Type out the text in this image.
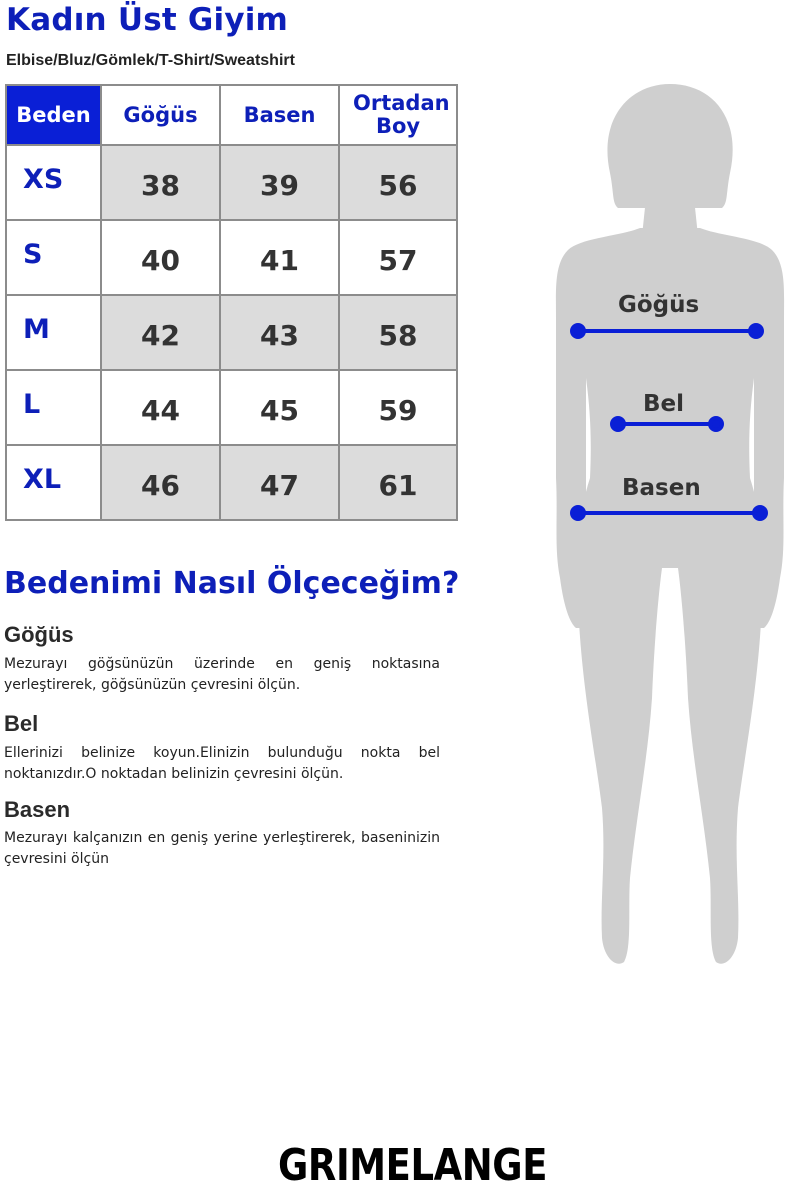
Kadın Üst Giyim
Elbise/Bluz/Gömlek/T-Shirt/Sweatshirt
Beden	Göğüs	Basen	Ortadan Boy
XS	38	39	56
S	40	41	57
M	42	43	58
L	44	45	59
XL	46	47	61
Bedenimi Nasıl Ölçeceğim?
Göğüs

Mezurayı göğsünüzün üzerinde en geniş noktasına yerleştirerek, göğsünüzün çevresini ölçün.

Bel

Ellerinizi belinize koyun.Elinizin bulunduğu nokta bel noktanızdır.O noktadan belinizin çevresini ölçün.

Basen

Mezurayı kalçanızın en geniş yerine yerleştirerek, baseninizin çevresini ölçün

Göğüs
Bel
Basen
GRIMELANGE
